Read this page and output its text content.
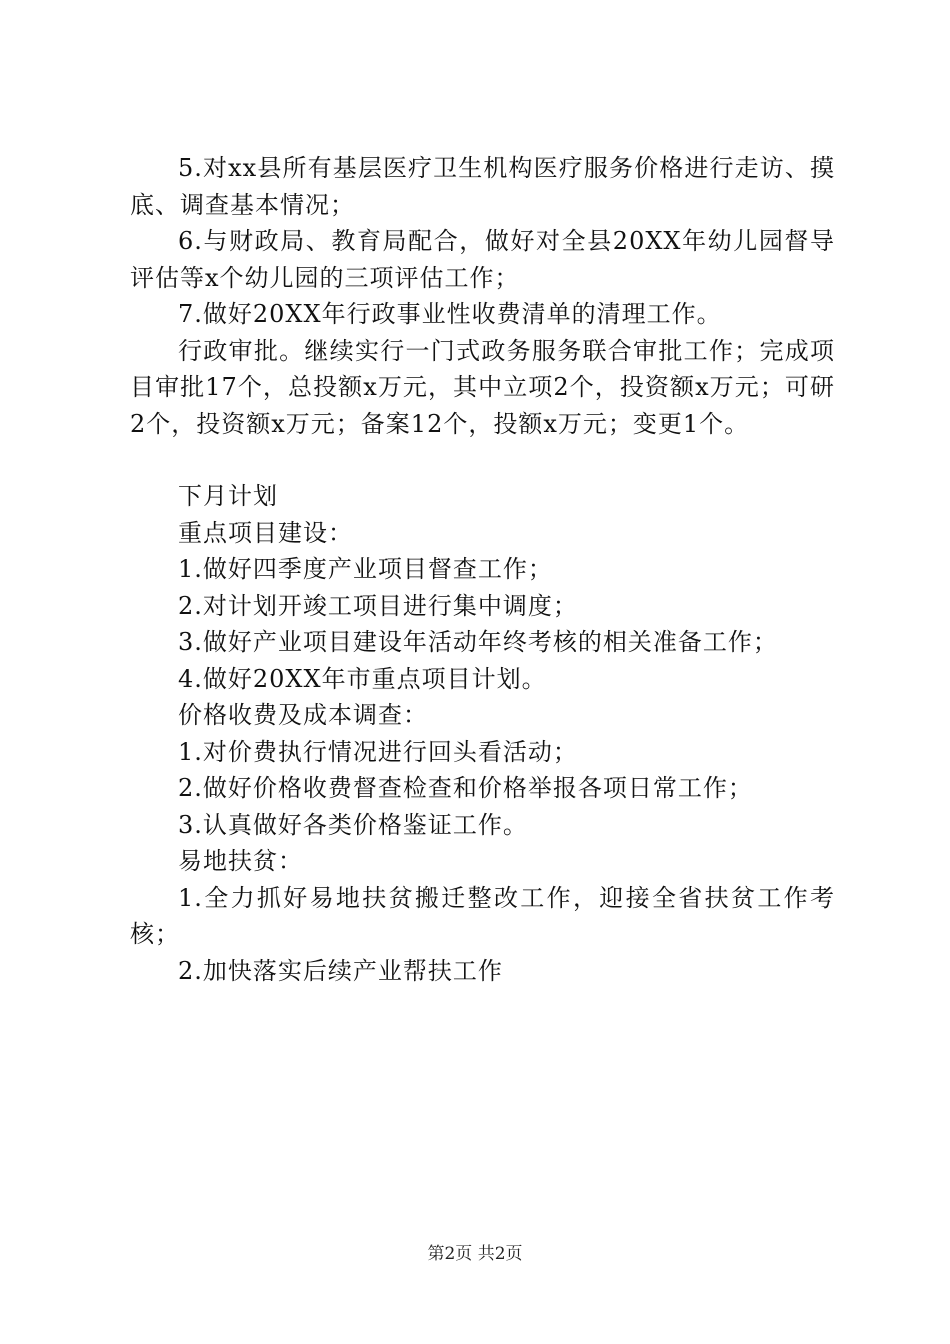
5.对xx县所有基层医疗卫生机构医疗服务价格进行走访、摸底、调查基本情况；

6.与财政局、教育局配合，做好对全县20XX年幼儿园督导评估等x个幼儿园的三项评估工作；

7.做好20XX年行政事业性收费清单的清理工作。

行政审批。继续实行一门式政务服务联合审批工作；完成项目审批17个，总投额x万元，其中立项2个，投资额x万元；可研2个，投资额x万元；备案12个，投额x万元；变更1个。

下月计划

重点项目建设：

1.做好四季度产业项目督查工作；

2.对计划开竣工项目进行集中调度；

3.做好产业项目建设年活动年终考核的相关准备工作；

4.做好20XX年市重点项目计划。

价格收费及成本调查：

1.对价费执行情况进行回头看活动；

2.做好价格收费督查检查和价格举报各项日常工作；

3.认真做好各类价格鉴证工作。

易地扶贫：

1.全力抓好易地扶贫搬迁整改工作，迎接全省扶贫工作考核；

2.加快落实后续产业帮扶工作

第2页 共2页
